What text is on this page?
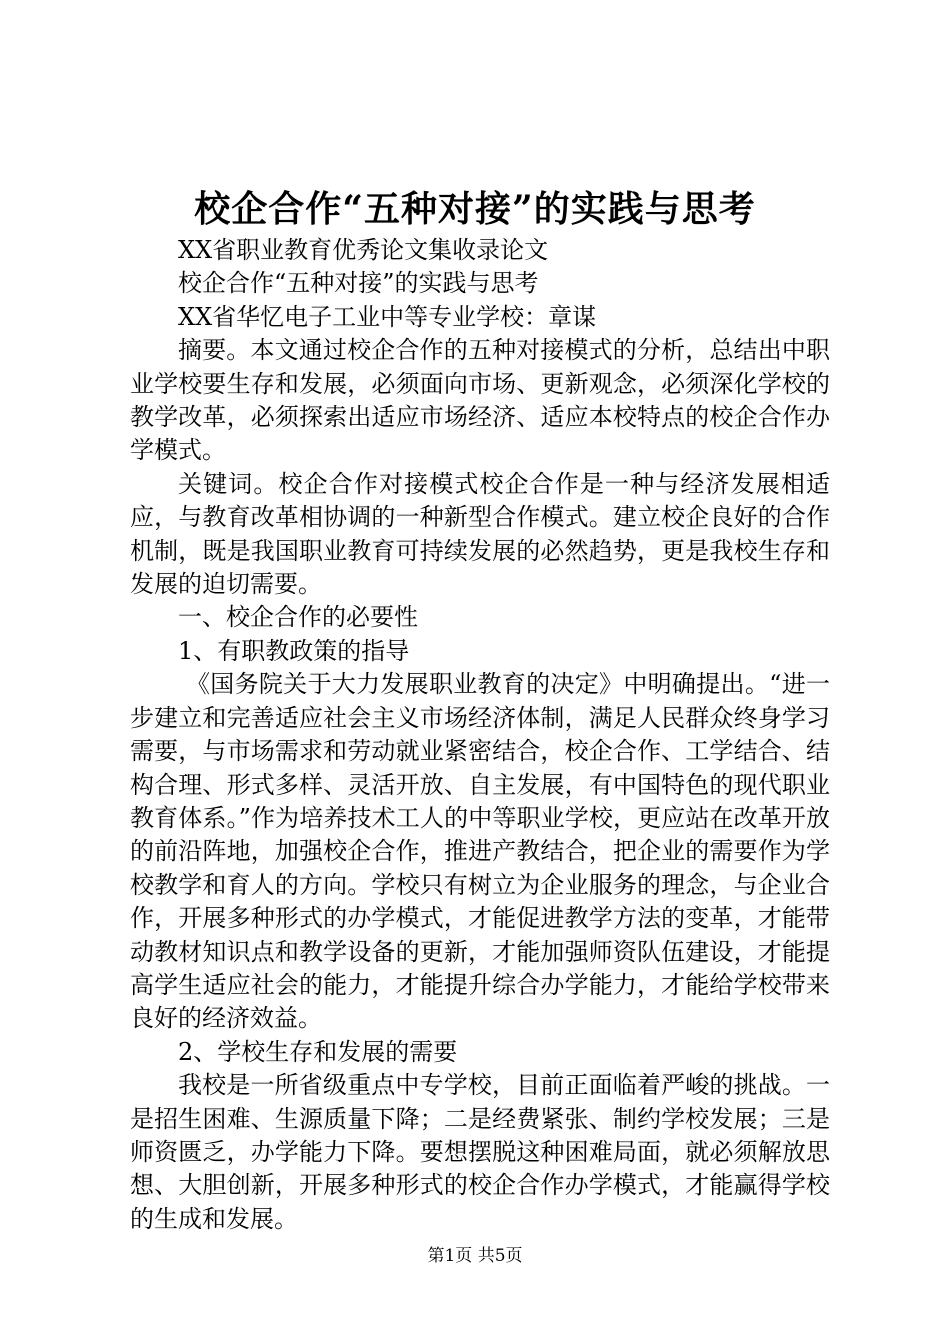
校企合作“五种对接”的实践与思考

XX省职业教育优秀论文集收录论文

校企合作“五种对接”的实践与思考

XX省华忆电子工业中等专业学校：章谋

摘要。本文通过校企合作的五种对接模式的分析，总结出中职业学校要生存和发展，必须面向市场、更新观念，必须深化学校的教学改革，必须探索出适应市场经济、适应本校特点的校企合作办学模式。

关键词。校企合作对接模式校企合作是一种与经济发展相适应，与教育改革相协调的一种新型合作模式。建立校企良好的合作机制，既是我国职业教育可持续发展的必然趋势，更是我校生存和发展的迫切需要。

一、校企合作的必要性

1、有职教政策的指导

《国务院关于大力发展职业教育的决定》中明确提出。“进一步建立和完善适应社会主义市场经济体制，满足人民群众终身学习需要，与市场需求和劳动就业紧密结合，校企合作、工学结合、结构合理、形式多样、灵活开放、自主发展，有中国特色的现代职业教育体系。”作为培养技术工人的中等职业学校，更应站在改革开放的前沿阵地，加强校企合作，推进产教结合，把企业的需要作为学校教学和育人的方向。学校只有树立为企业服务的理念，与企业合作，开展多种形式的办学模式，才能促进教学方法的变革，才能带动教材知识点和教学设备的更新，才能加强师资队伍建设，才能提高学生适应社会的能力，才能提升综合办学能力，才能给学校带来良好的经济效益。

2、学校生存和发展的需要

我校是一所省级重点中专学校，目前正面临着严峻的挑战。一是招生困难、生源质量下降；二是经费紧张、制约学校发展；三是师资匮乏，办学能力下降。要想摆脱这种困难局面，就必须解放思想、大胆创新，开展多种形式的校企合作办学模式，才能赢得学校的生成和发展。

第1页 共5页
